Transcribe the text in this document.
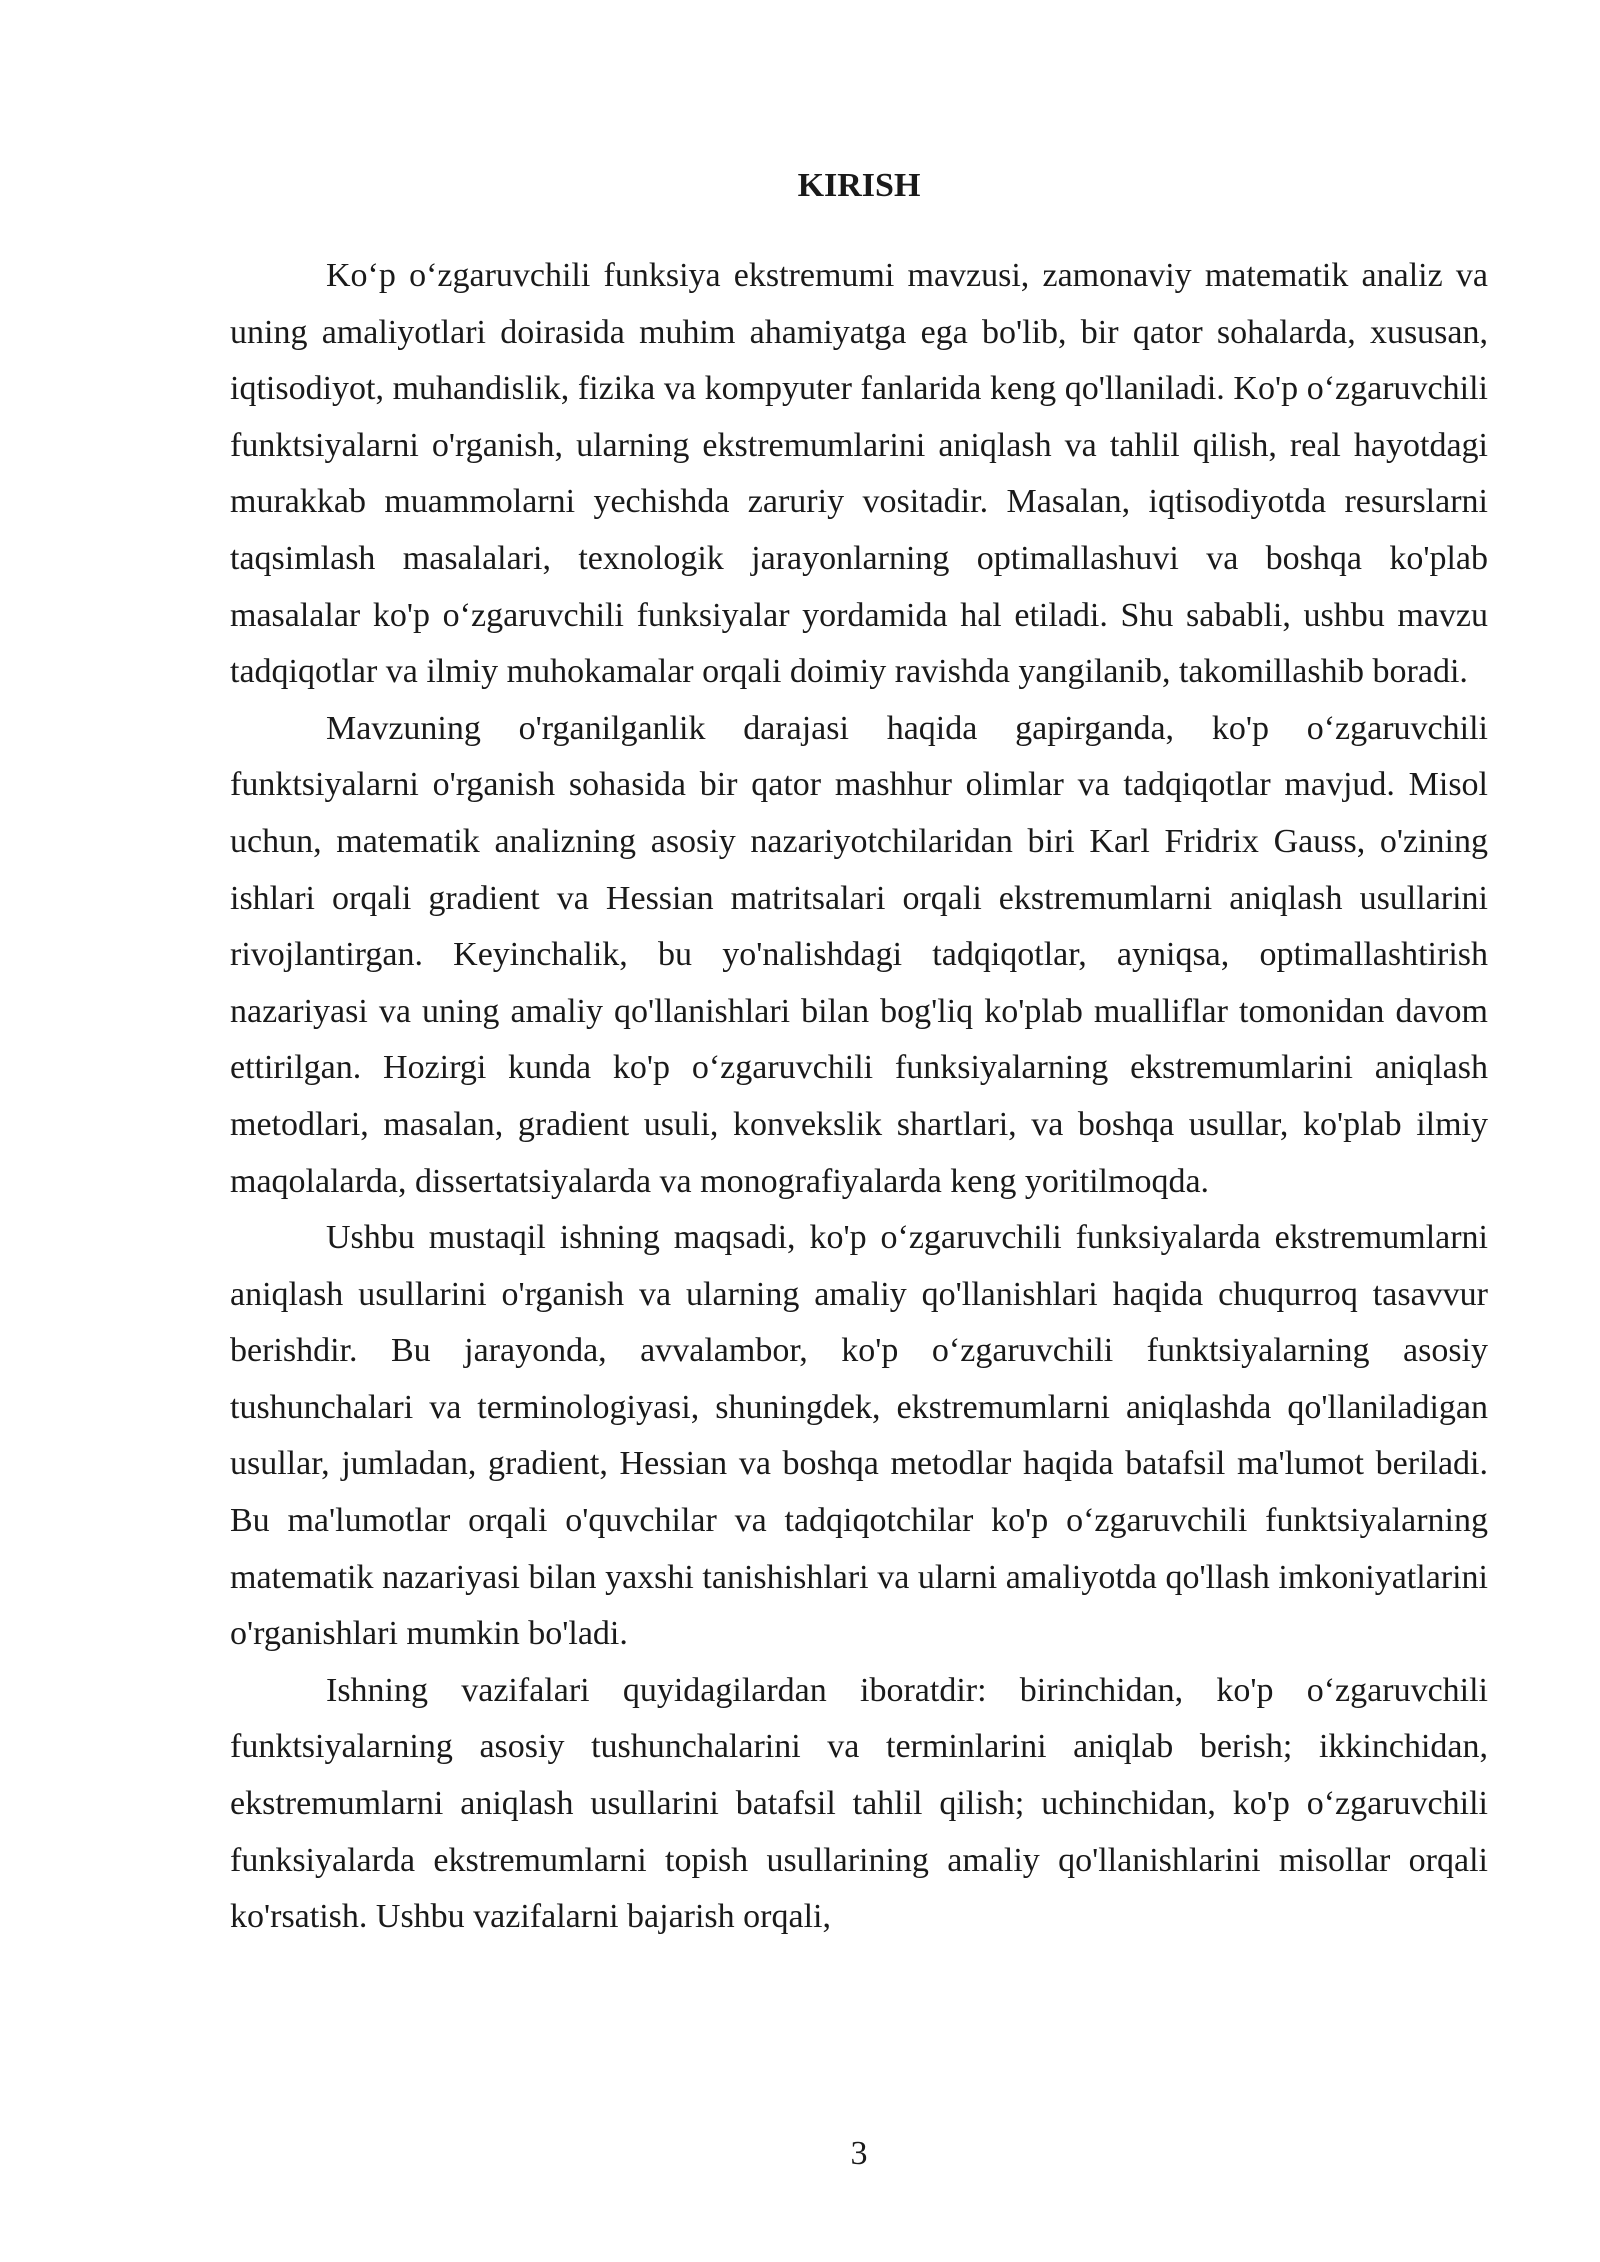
KIRISH

Ko‘p o‘zgaruvchili funksiya ekstremumi mavzusi, zamonaviy matematik analiz va uning amaliyotlari doirasida muhim ahamiyatga ega bo'lib, bir qator sohalarda, xususan, iqtisodiyot, muhandislik, fizika va kompyuter fanlarida keng qo'llaniladi. Ko'p o‘zgaruvchili funktsiyalarni o'rganish, ularning ekstremumlarini aniqlash va tahlil qilish, real hayotdagi murakkab muammolarni yechishda zaruriy vositadir. Masalan, iqtisodiyotda resurslarni taqsimlash masalalari, texnologik jarayonlarning optimallashuvi va boshqa ko'plab masalalar ko'p o‘zgaruvchili funksiyalar yordamida hal etiladi. Shu sababli, ushbu mavzu tadqiqotlar va ilmiy muhokamalar orqali doimiy ravishda yangilanib, takomillashib boradi.

Mavzuning o'rganilganlik darajasi haqida gapirganda, ko'p o‘zgaruvchili funktsiyalarni o'rganish sohasida bir qator mashhur olimlar va tadqiqotlar mavjud. Misol uchun, matematik analizning asosiy nazariyotchilaridan biri Karl Fridrix Gauss, o'zining ishlari orqali gradient va Hessian matritsalari orqali ekstremumlarni aniqlash usullarini rivojlantirgan. Keyinchalik, bu yo'nalishdagi tadqiqotlar, ayniqsa, optimallashtirish nazariyasi va uning amaliy qo'llanishlari bilan bog'liq ko'plab mualliflar tomonidan davom ettirilgan. Hozirgi kunda ko'p o‘zgaruvchili funksiyalarning ekstremumlarini aniqlash metodlari, masalan, gradient usuli, konvekslik shartlari, va boshqa usullar, ko'plab ilmiy maqolalarda, dissertatsiyalarda va monografiyalarda keng yoritilmoqda.

Ushbu mustaqil ishning maqsadi, ko'p o‘zgaruvchili funksiyalarda ekstremumlarni aniqlash usullarini o'rganish va ularning amaliy qo'llanishlari haqida chuqurroq tasavvur berishdir. Bu jarayonda, avvalambor, ko'p o‘zgaruvchili funktsiyalarning asosiy tushunchalari va terminologiyasi, shuningdek, ekstremumlarni aniqlashda qo'llaniladigan usullar, jumladan, gradient, Hessian va boshqa metodlar haqida batafsil ma'lumot beriladi. Bu ma'lumotlar orqali o'quvchilar va tadqiqotchilar ko'p o‘zgaruvchili funktsiyalarning matematik nazariyasi bilan yaxshi tanishishlari va ularni amaliyotda qo'llash imkoniyatlarini o'rganishlari mumkin bo'ladi.

Ishning vazifalari quyidagilardan iboratdir: birinchidan, ko'p o‘zgaruvchili funktsiyalarning asosiy tushunchalarini va terminlarini aniqlab berish; ikkinchidan, ekstremumlarni aniqlash usullarini batafsil tahlil qilish; uchinchidan, ko'p o‘zgaruvchili funksiyalarda ekstremumlarni topish usullarining amaliy qo'llanishlarini misollar orqali ko'rsatish. Ushbu vazifalarni bajarish orqali,

3
